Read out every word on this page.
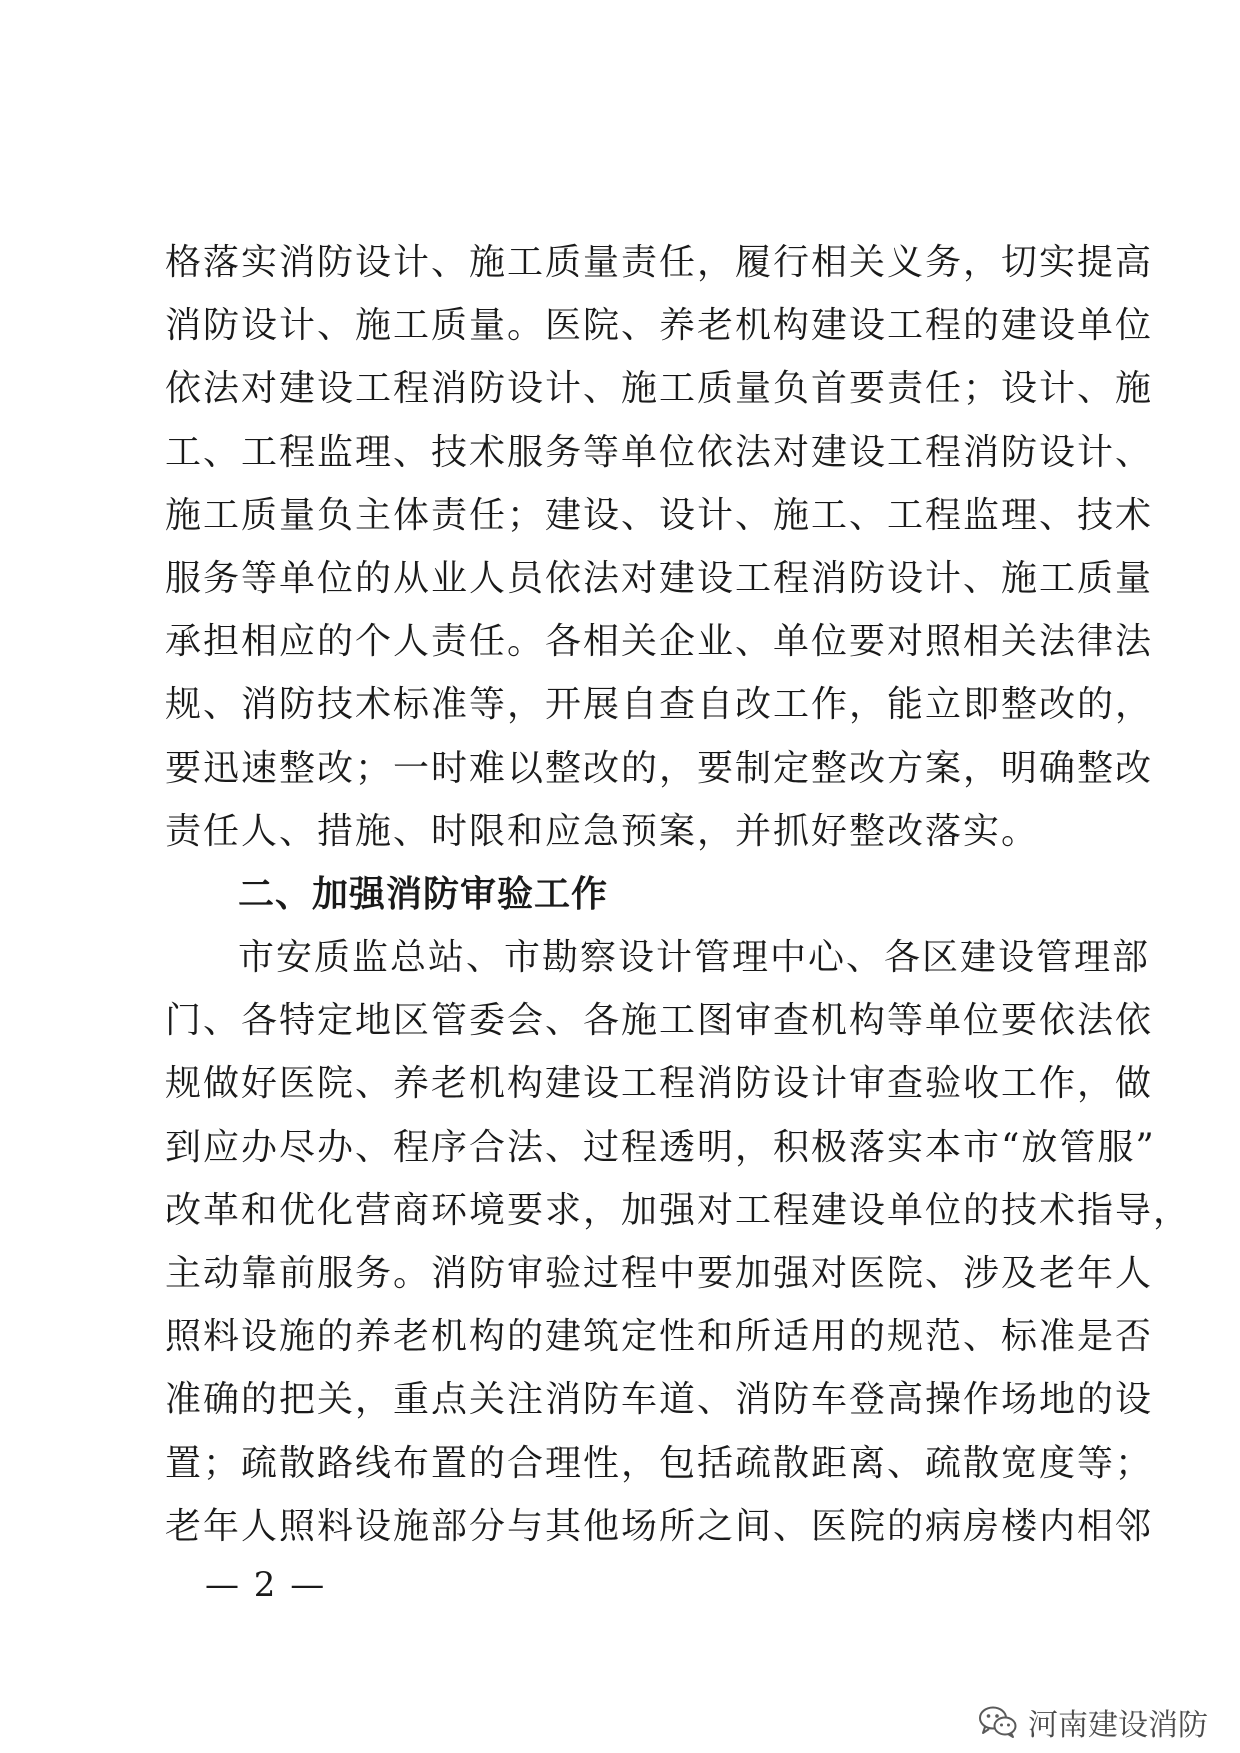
格落实消防设计、施工质量责任，履行相关义务，切实提高
消防设计、施工质量。医院、养老机构建设工程的建设单位
依法对建设工程消防设计、施工质量负首要责任；设计、施
工、工程监理、技术服务等单位依法对建设工程消防设计、
施工质量负主体责任；建设、设计、施工、工程监理、技术
服务等单位的从业人员依法对建设工程消防设计、施工质量
承担相应的个人责任。各相关企业、单位要对照相关法律法
规、消防技术标准等，开展自查自改工作，能立即整改的，
要迅速整改；一时难以整改的，要制定整改方案，明确整改
责任人、措施、时限和应急预案，并抓好整改落实。
二、加强消防审验工作
市安质监总站、市勘察设计管理中心、各区建设管理部
门、各特定地区管委会、各施工图审查机构等单位要依法依
规做好医院、养老机构建设工程消防设计审查验收工作，做
到应办尽办、程序合法、过程透明，积极落实本市“放管服”
改革和优化营商环境要求，加强对工程建设单位的技术指导，
主动靠前服务。消防审验过程中要加强对医院、涉及老年人
照料设施的养老机构的建筑定性和所适用的规范、标准是否
准确的把关，重点关注消防车道、消防车登高操作场地的设
置；疏散路线布置的合理性，包括疏散距离、疏散宽度等；
老年人照料设施部分与其他场所之间、医院的病房楼内相邻
— 2 —
河南建设消防
